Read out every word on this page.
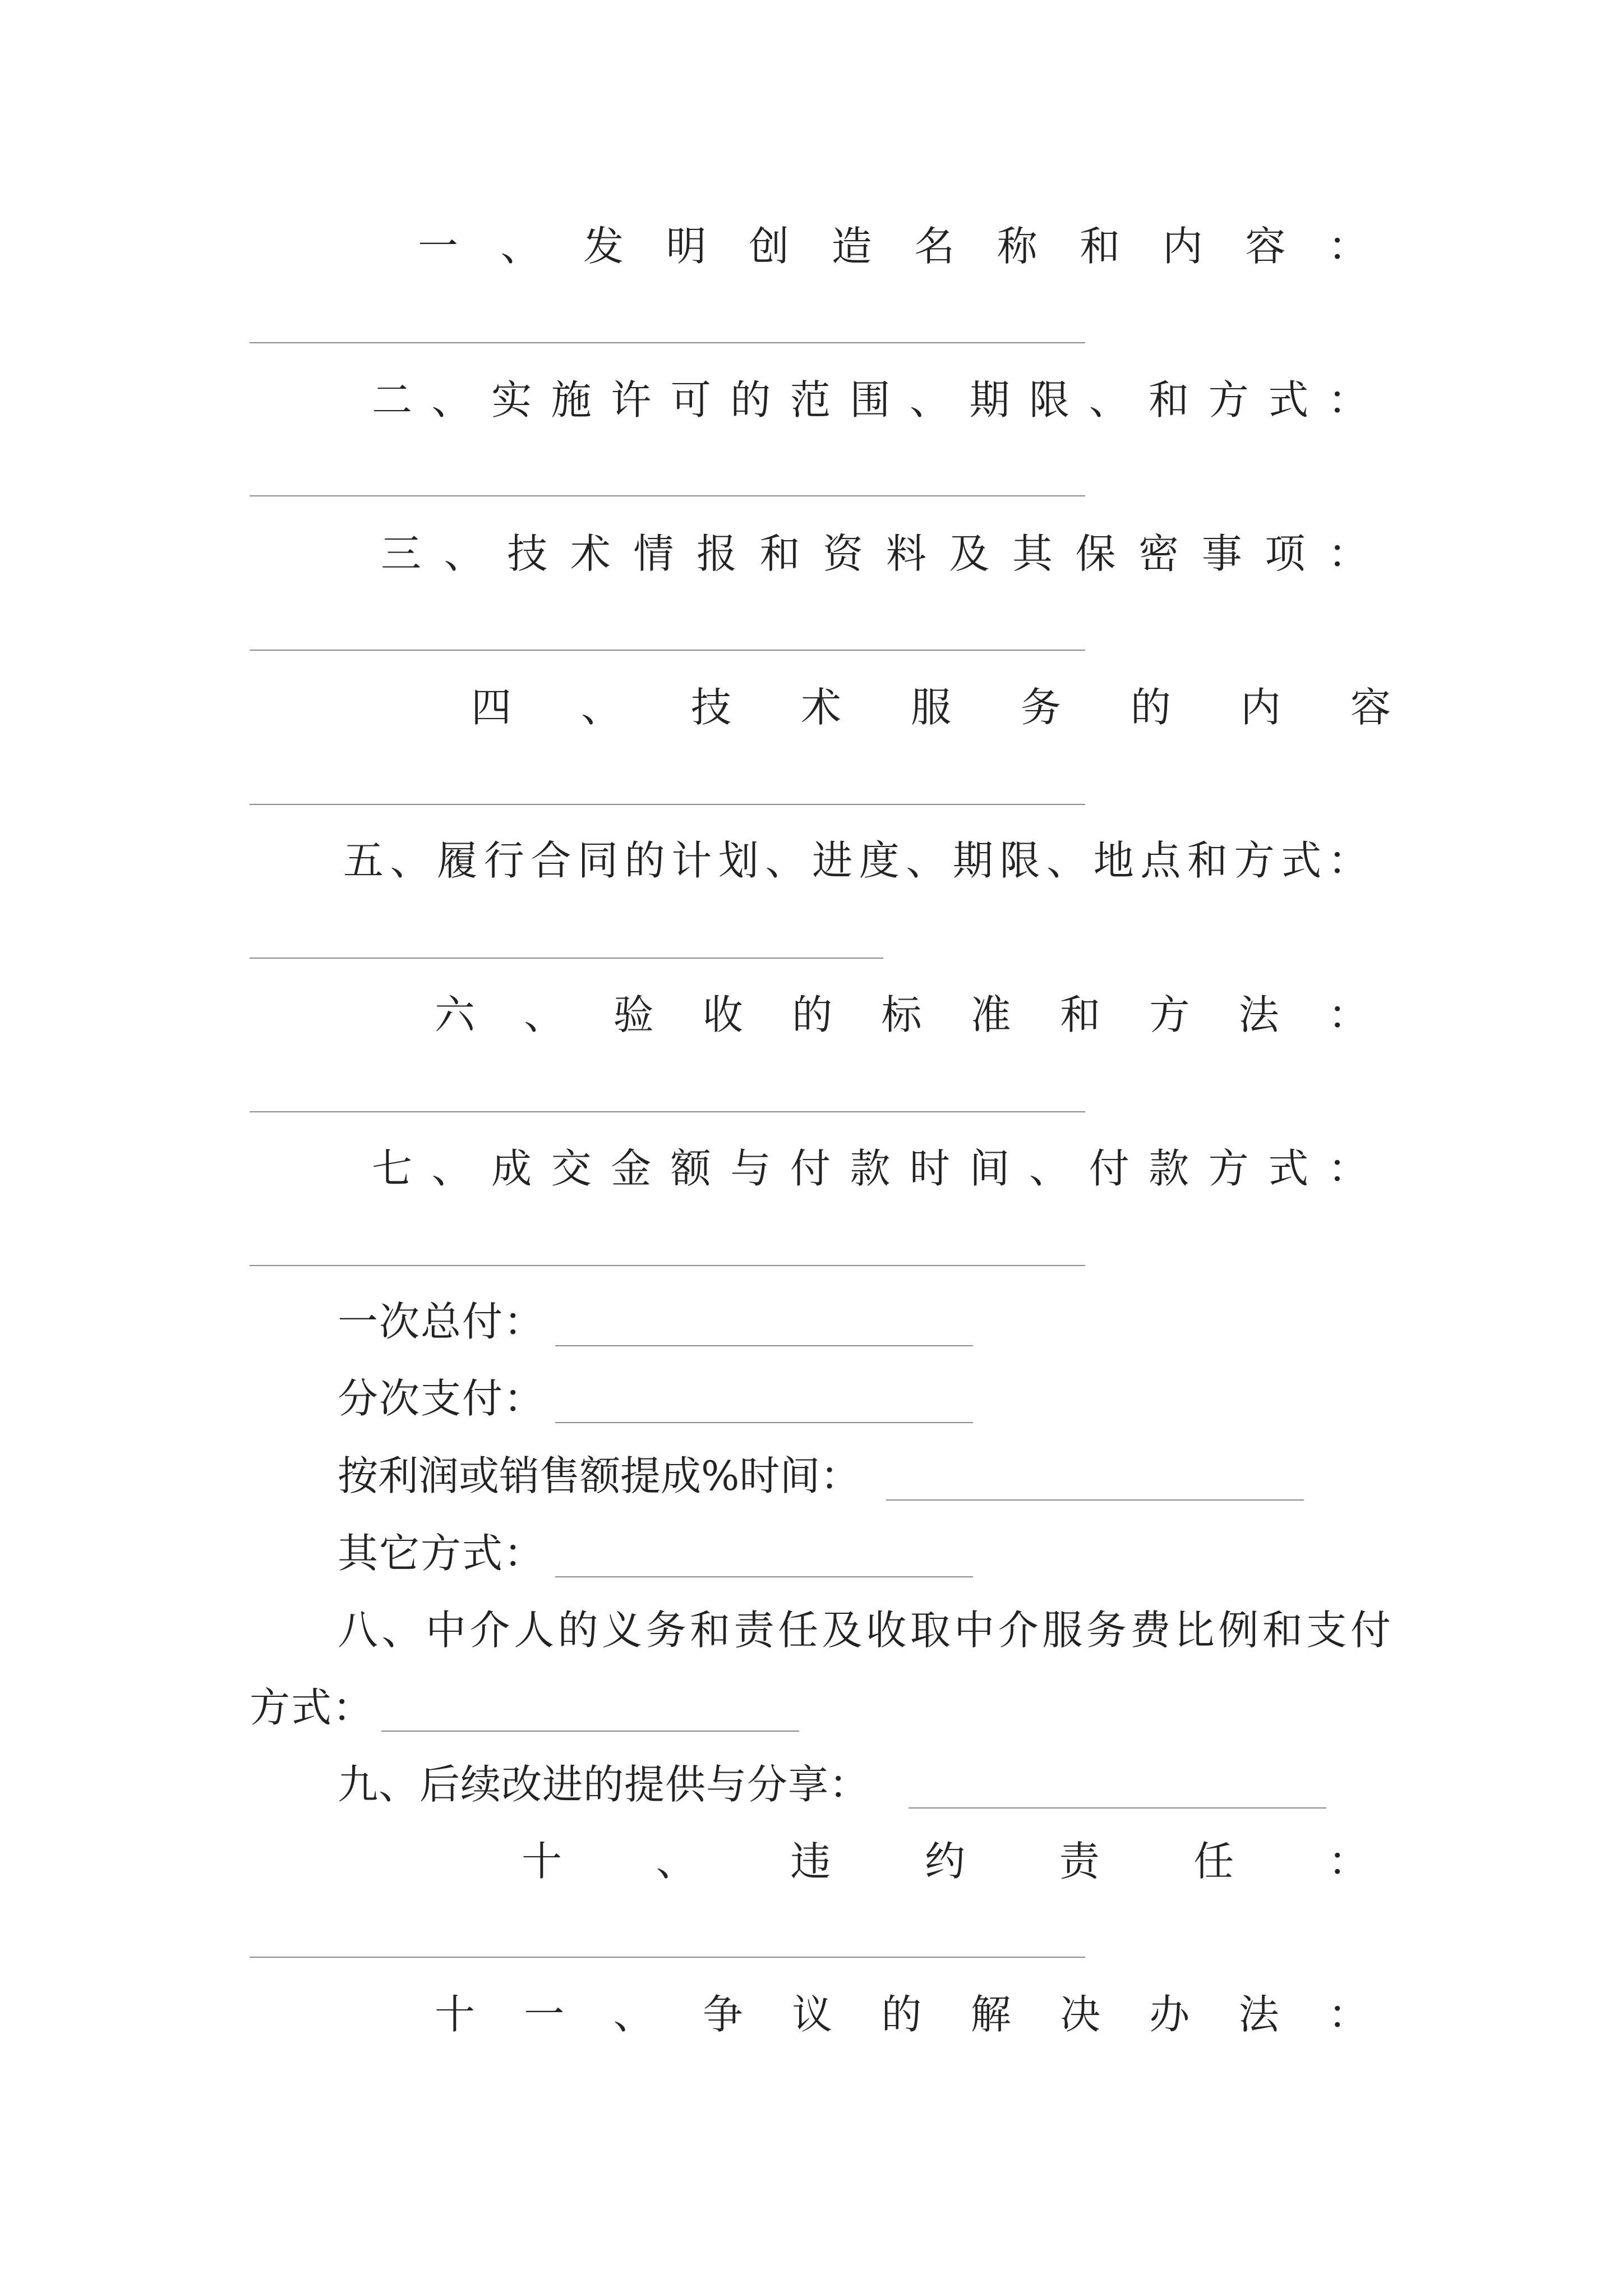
一 、 发 明 创 造 名 称 和 内 容 ：
二 、 实 施 许 可 的 范 围 、 期 限 、 和 方 式 ：
三 、 技 术 情 报 和 资 料 及 其 保 密 事 项 ：
四 、 技 术 服 务 的 内 容
五 、 履 行 合 同 的 计 划 、 进 度 、 期 限 、 地 点 和 方 式 ：
六 、 验 收 的 标 准 和 方 法 ：
七 、 成 交 金 额 与 付 款 时 间 、 付 款 方 式 ：
一次总付：
分次支付：
按利润或销售额提成%时间：
其它方式：
八 、 中 介 人 的 义 务 和 责 任 及 收 取 中 介 服 务 费 比 例 和 支 付
方式：
九、后续改进的提供与分享：
十 、 违 约 责 任 ：
十 一 、 争 议 的 解 决 办 法 ：
